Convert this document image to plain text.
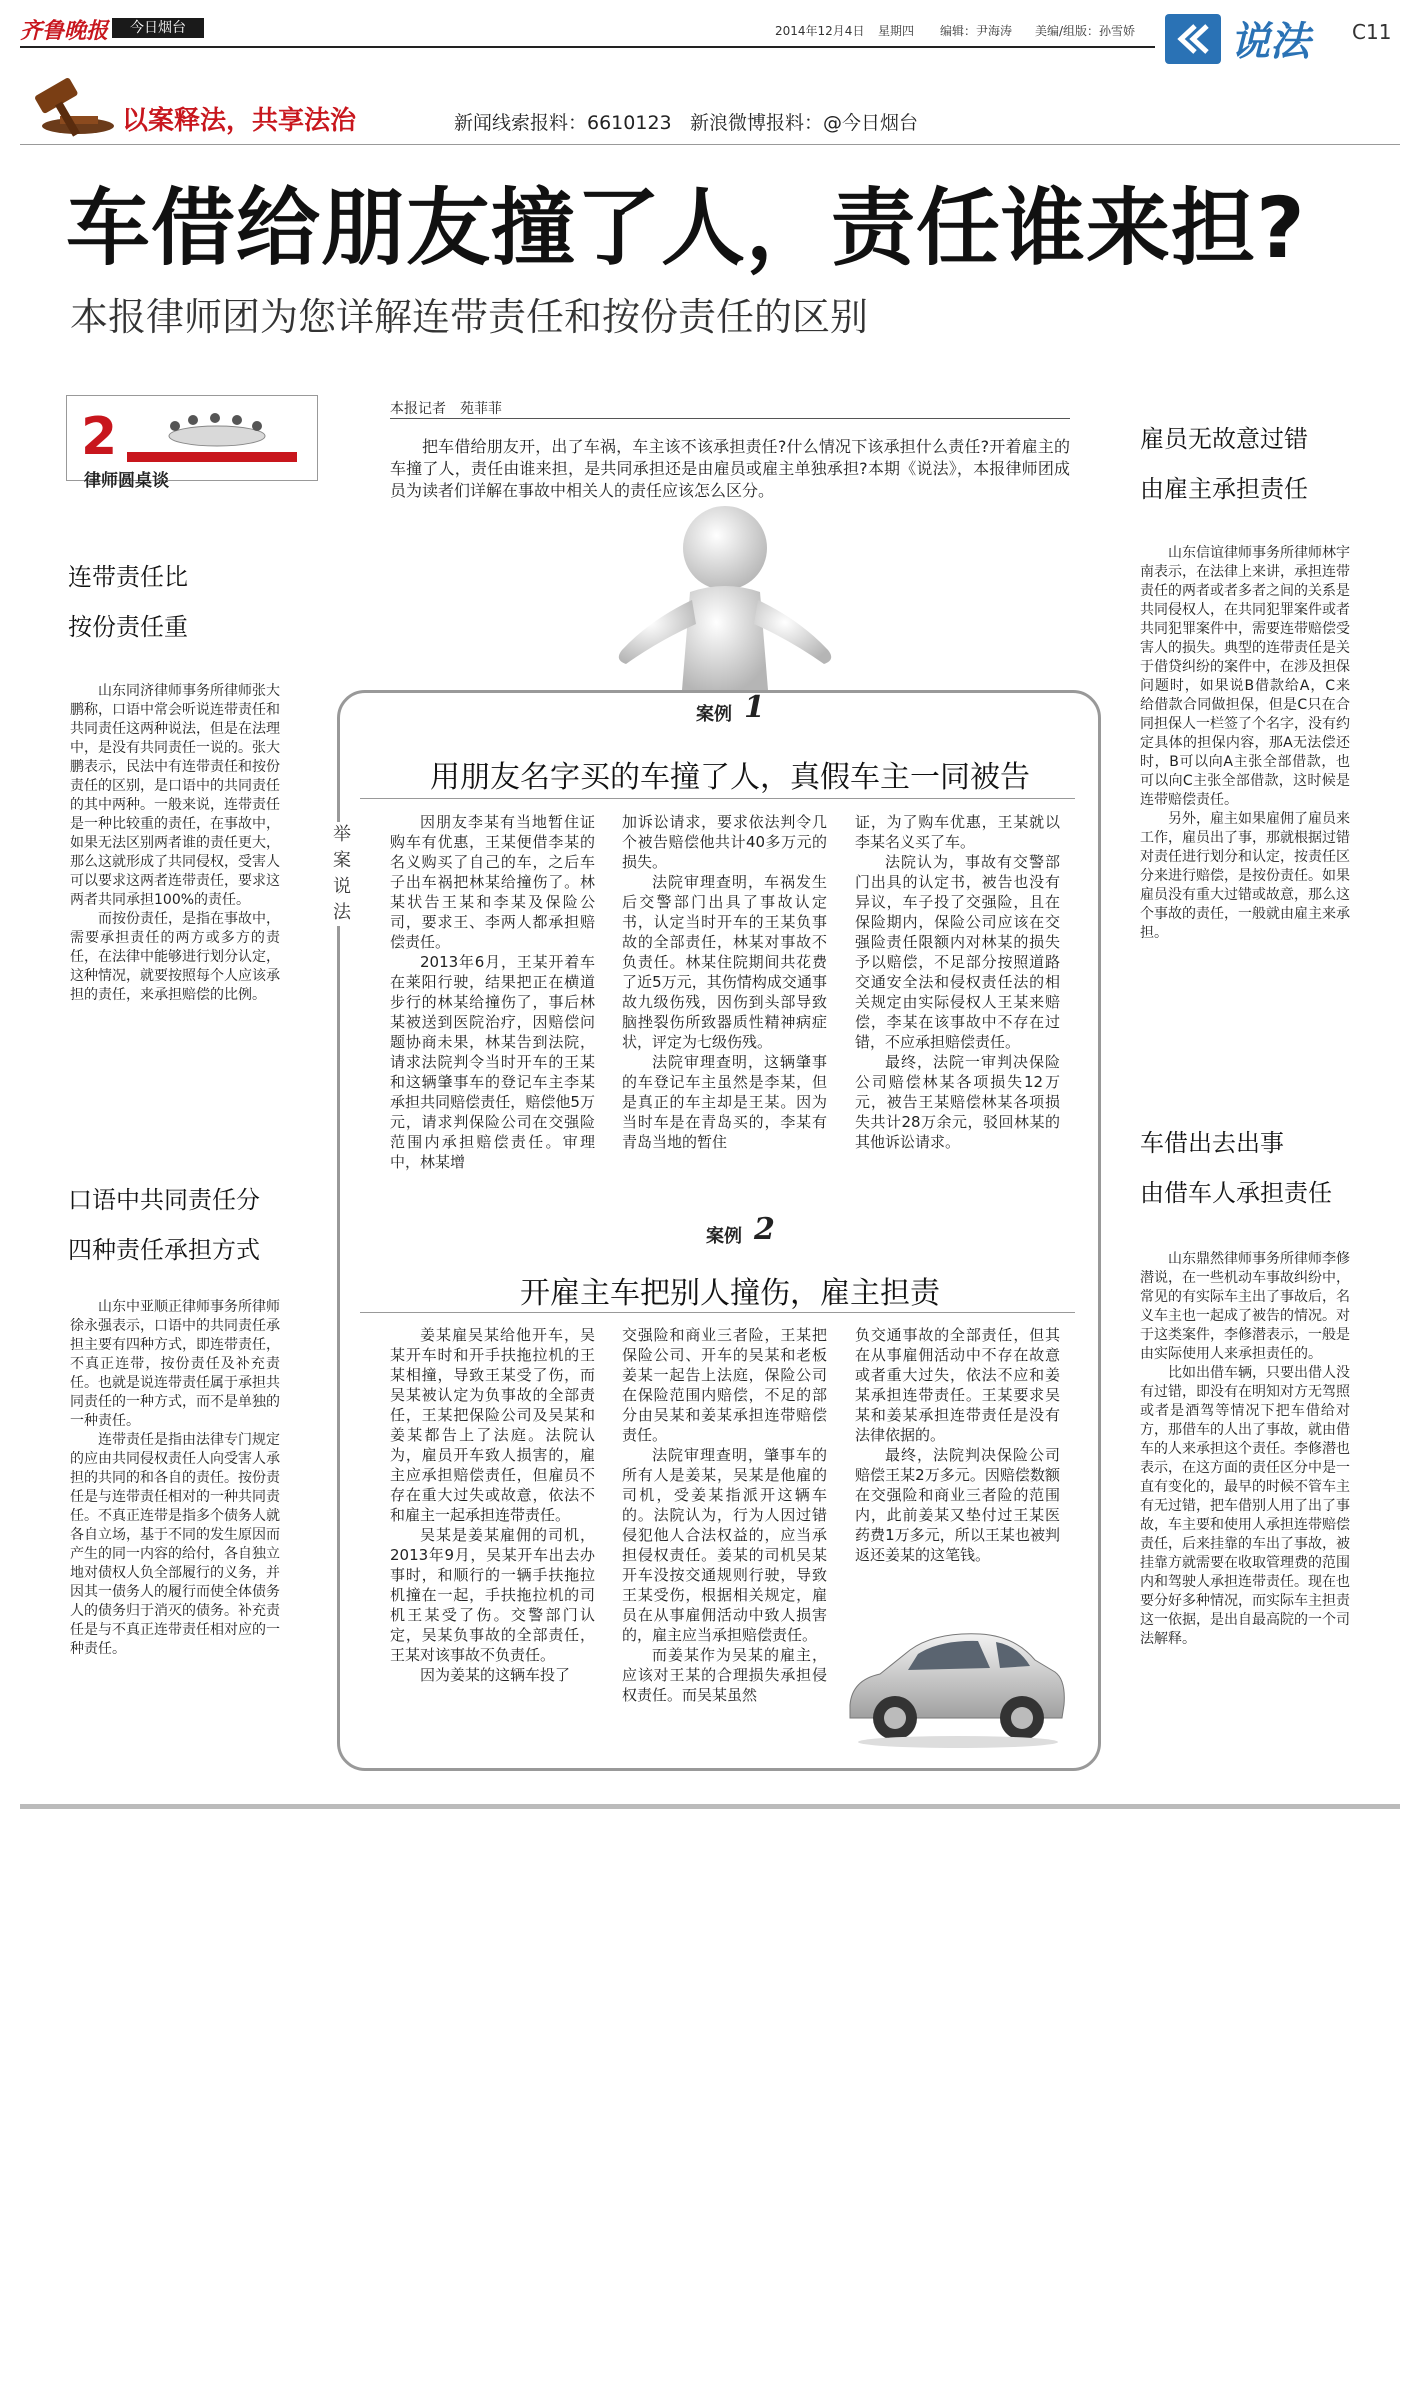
齐鲁晚报	今日烟台	2014年12月4日 星期四 编辑：尹海涛 美编/组版：孙雪娇 说法 C11
以案释法，共享法治	新闻线索报料：6610123 新浪微博报料：@今日烟台
车借给朋友撞了人，责任谁来担?
本报律师团为您详解连带责任和按份责任的区别
2
律师圆桌谈
连带责任比
按份责任重

山东同济律师事务所律师张大鹏称，口语中常会听说连带责任和共同责任这两种说法，但是在法理中，是没有共同责任一说的。张大鹏表示，民法中有连带责任和按份责任的区别，是口语中的共同责任的其中两种。一般来说，连带责任是一种比较重的责任，在事故中，如果无法区别两者谁的责任更大，那么这就形成了共同侵权，受害人可以要求这两者连带责任，要求这两者共同承担100%的责任。

而按份责任，是指在事故中，需要承担责任的两方或多方的责任，在法律中能够进行划分认定，这种情况，就要按照每个人应该承担的责任，来承担赔偿的比例。

口语中共同责任分
四种责任承担方式

山东中亚顺正律师事务所律师徐永强表示，口语中的共同责任承担主要有四种方式，即连带责任，不真正连带，按份责任及补充责任。也就是说连带责任属于承担共同责任的一种方式，而不是单独的一种责任。

连带责任是指由法律专门规定的应由共同侵权责任人向受害人承担的共同的和各自的责任。按份责任是与连带责任相对的一种共同责任。不真正连带是指多个债务人就各自立场，基于不同的发生原因而产生的同一内容的给付，各自独立地对债权人负全部履行的义务，并因其一债务人的履行而使全体债务人的债务归于消灭的债务。补充责任是与不真正连带责任相对应的一种责任。

本报记者　苑菲菲

把车借给朋友开，出了车祸，车主该不该承担责任?什么情况下该承担什么责任?开着雇主的车撞了人，责任由谁来担，是共同承担还是由雇员或雇主单独承担?本期《说法》，本报律师团成员为读者们详解在事故中相关人的责任应该怎么区分。

举案说法
案例 1
用朋友名字买的车撞了人，真假车主一同被告

因朋友李某有当地暂住证购车有优惠，王某便借李某的名义购买了自己的车，之后车子出车祸把林某给撞伤了。林某状告王某和李某及保险公司，要求王、李两人都承担赔偿责任。

2013年6月，王某开着车在莱阳行驶，结果把正在横道步行的林某给撞伤了，事后林某被送到医院治疗，因赔偿问题协商未果，林某告到法院，请求法院判令当时开车的王某和这辆肇事车的登记车主李某承担共同赔偿责任，赔偿他5万元，请求判保险公司在交强险范围内承担赔偿责任。审理中，林某增

加诉讼请求，要求依法判令几个被告赔偿他共计40多万元的损失。

法院审理查明，车祸发生后交警部门出具了事故认定书，认定当时开车的王某负事故的全部责任，林某对事故不负责任。林某住院期间共花费了近5万元，其伤情构成交通事故九级伤残，因伤到头部导致脑挫裂伤所致器质性精神病症状，评定为七级伤残。

法院审理查明，这辆肇事的车登记车主虽然是李某，但是真正的车主却是王某。因为当时车是在青岛买的，李某有青岛当地的暂住

证，为了购车优惠，王某就以李某名义买了车。

法院认为，事故有交警部门出具的认定书，被告也没有异议，车子投了交强险，且在保险期内，保险公司应该在交强险责任限额内对林某的损失予以赔偿，不足部分按照道路交通安全法和侵权责任法的相关规定由实际侵权人王某来赔偿，李某在该事故中不存在过错，不应承担赔偿责任。

最终，法院一审判决保险公司赔偿林某各项损失12万元，被告王某赔偿林某各项损失共计28万余元，驳回林某的其他诉讼请求。

案例 2
开雇主车把别人撞伤，雇主担责

姜某雇吴某给他开车，吴某开车时和开手扶拖拉机的王某相撞，导致王某受了伤，而吴某被认定为负事故的全部责任，王某把保险公司及吴某和姜某都告上了法庭。法院认为，雇员开车致人损害的，雇主应承担赔偿责任，但雇员不存在重大过失或故意，依法不和雇主一起承担连带责任。

吴某是姜某雇佣的司机，2013年9月，吴某开车出去办事时，和顺行的一辆手扶拖拉机撞在一起，手扶拖拉机的司机王某受了伤。交警部门认定，吴某负事故的全部责任，王某对该事故不负责任。

因为姜某的这辆车投了

交强险和商业三者险，王某把保险公司、开车的吴某和老板姜某一起告上法庭，保险公司在保险范围内赔偿，不足的部分由吴某和姜某承担连带赔偿责任。

法院审理查明，肇事车的所有人是姜某，吴某是他雇的司机，受姜某指派开这辆车的。法院认为，行为人因过错侵犯他人合法权益的，应当承担侵权责任。姜某的司机吴某开车没按交通规则行驶，导致王某受伤，根据相关规定，雇员在从事雇佣活动中致人损害的，雇主应当承担赔偿责任。

而姜某作为吴某的雇主，应该对王某的合理损失承担侵权责任。而吴某虽然

负交通事故的全部责任，但其在从事雇佣活动中不存在故意或者重大过失，依法不应和姜某承担连带责任。王某要求吴某和姜某承担连带责任是没有法律依据的。

最终，法院判决保险公司赔偿王某2万多元。因赔偿数额在交强险和商业三者险的范围内，此前姜某又垫付过王某医药费1万多元，所以王某也被判返还姜某的这笔钱。

雇员无故意过错
由雇主承担责任

山东信谊律师事务所律师林宇南表示，在法律上来讲，承担连带责任的两者或者多者之间的关系是共同侵权人，在共同犯罪案件或者共同犯罪案件中，需要连带赔偿受害人的损失。典型的连带责任是关于借贷纠纷的案件中，在涉及担保问题时，如果说B借款给A，C来给借款合同做担保，但是C只在合同担保人一栏签了个名字，没有约定具体的担保内容，那A无法偿还时，B可以向A主张全部借款，也可以向C主张全部借款，这时候是连带赔偿责任。

另外，雇主如果雇佣了雇员来工作，雇员出了事，那就根据过错对责任进行划分和认定，按责任区分来进行赔偿，是按份责任。如果雇员没有重大过错或故意，那么这个事故的责任，一般就由雇主来承担。

车借出去出事
由借车人承担责任

山东鼎然律师事务所律师李修潜说，在一些机动车事故纠纷中，常见的有实际车主出了事故后，名义车主也一起成了被告的情况。对于这类案件，李修潜表示，一般是由实际使用人来承担责任的。

比如出借车辆，只要出借人没有过错，即没有在明知对方无驾照或者是酒驾等情况下把车借给对方，那借车的人出了事故，就由借车的人来承担这个责任。李修潜也表示，在这方面的责任区分中是一直有变化的，最早的时候不管车主有无过错，把车借别人用了出了事故，车主要和使用人承担连带赔偿责任，后来挂靠的车出了事故，被挂靠方就需要在收取管理费的范围内和驾驶人承担连带责任。现在也要分好多种情况，而实际车主担责这一依据，是出自最高院的一个司法解释。
